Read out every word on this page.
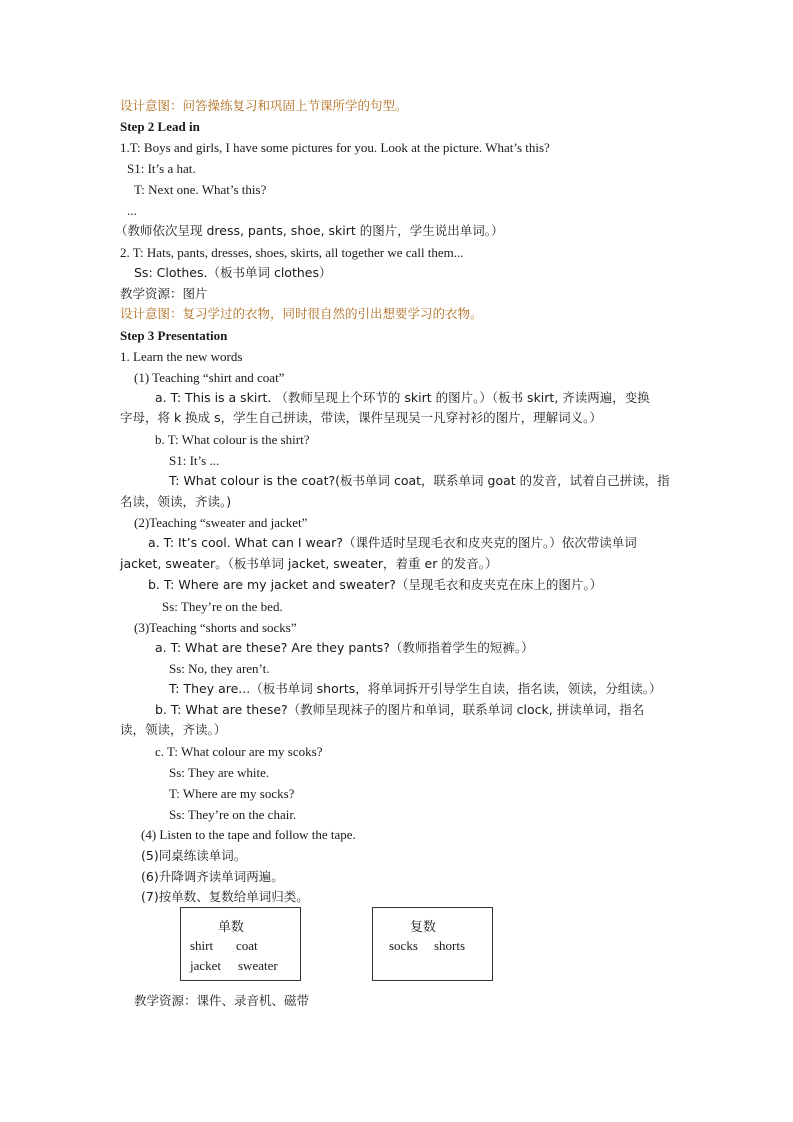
设计意图：问答操练复习和巩固上节课所学的句型。
Step 2 Lead in
1.T: Boys and girls, I have some pictures for you. Look at the picture. What’s this?
S1: It’s a hat.
T: Next one. What’s this?
...
（教师依次呈现 dress, pants, shoe, skirt 的图片，学生说出单词。）
2. T: Hats, pants, dresses, shoes, skirts, all together we call them...
Ss: Clothes.（板书单词 clothes）
教学资源：图片
设计意图：复习学过的衣物，同时很自然的引出想要学习的衣物。
Step 3 Presentation
1. Learn the new words
(1) Teaching “shirt and coat”
a. T: This is a skirt. （教师呈现上个环节的 skirt 的图片。）（板书 skirt, 齐读两遍，变换
字母，将 k 换成 s，学生自己拼读，带读，课件呈现吴一凡穿衬衫的图片，理解词义。）
b. T: What colour is the shirt?
S1: It’s ...
T: What colour is the coat?(板书单词 coat，联系单词 goat 的发音，试着自己拼读，指
名读，领读，齐读。)
(2)Teaching “sweater and jacket”
a. T: It’s cool. What can I wear?（课件适时呈现毛衣和皮夹克的图片。）依次带读单词
jacket, sweater。（板书单词 jacket, sweater，着重 er 的发音。）
b. T: Where are my jacket and sweater?（呈现毛衣和皮夹克在床上的图片。）
Ss: They’re on the bed.
(3)Teaching “shorts and socks”
a. T: What are these? Are they pants?（教师指着学生的短裤。）
Ss: No, they aren’t.
T: They are...（板书单词 shorts，将单词拆开引导学生自读，指名读，领读，分组读。）
b. T: What are these?（教师呈现袜子的图片和单词，联系单词 clock, 拼读单词，指名
读，领读，齐读。）
c. T: What colour are my scoks?
Ss: They are white.
T: Where are my socks?
Ss: They’re on the chair.
(4) Listen to the tape and follow the tape.
(5)同桌练读单词。
(6)升降调齐读单词两遍。
(7)按单数、复数给单词归类。
单数
shirt coat
jacket sweater
复数
socks shorts
教学资源：课件、录音机、磁带
